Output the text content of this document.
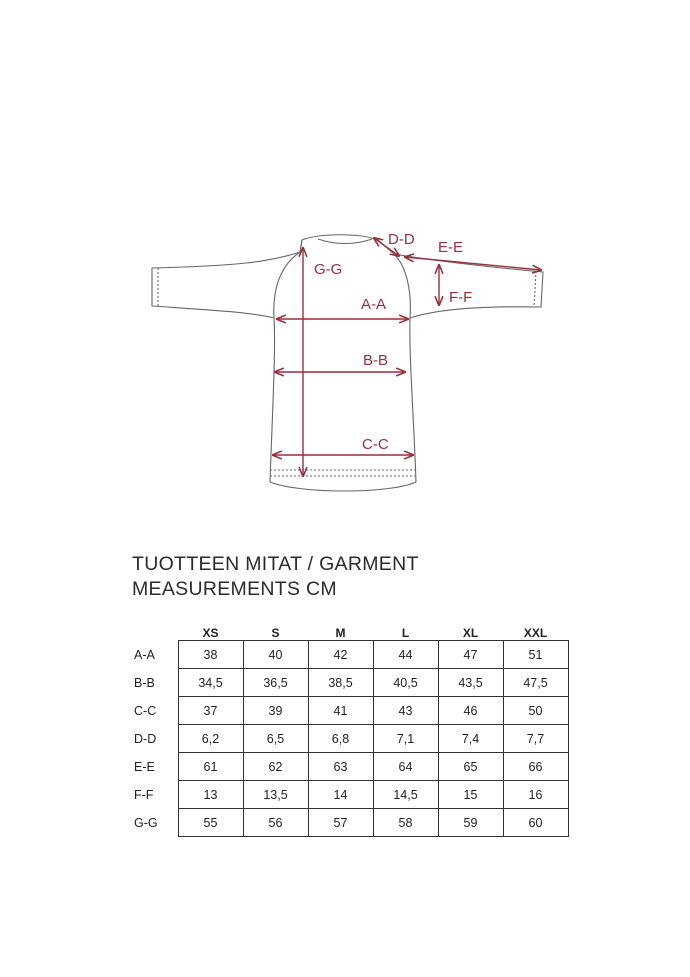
G-G
D-D E-E
F-F
A-A
B-B
C-C
TUOTTEEN MITAT / GARMENT
MEASUREMENTS CM
	XS	S	M	L	XL	XXL
A-A	38	40	42	44	47	51
B-B	34,5	36,5	38,5	40,5	43,5	47,5
C-C	37	39	41	43	46	50
D-D	6,2	6,5	6,8	7,1	7,4	7,7
E-E	61	62	63	64	65	66
F-F	13	13,5	14	14,5	15	16
G-G	55	56	57	58	59	60
